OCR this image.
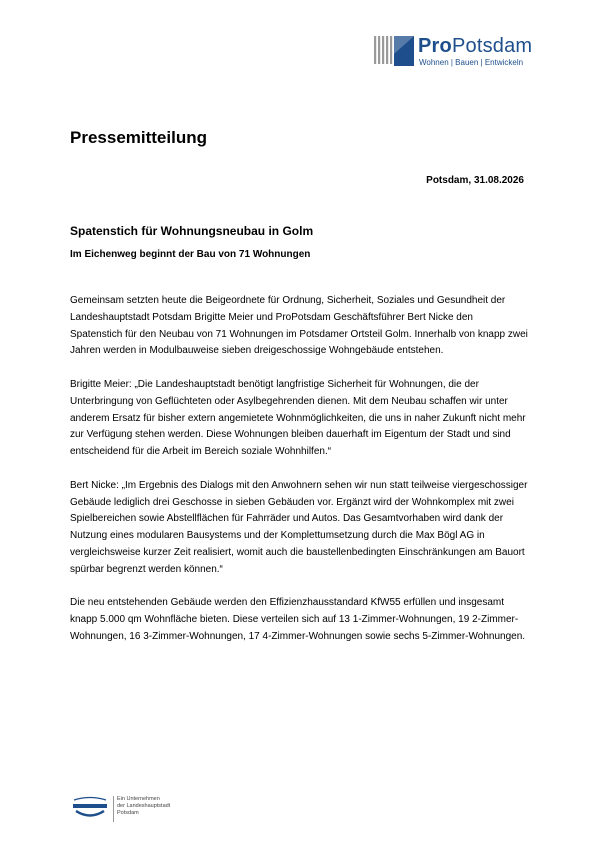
ProPotsdam
Wohnen | Bauen | Entwickeln
Pressemitteilung
Potsdam, 31.08.2026
Spatenstich für Wohnungsneubau in Golm
Im Eichenweg beginnt der Bau von 71 Wohnungen

Gemeinsam setzten heute die Beigeordnete für Ordnung, Sicherheit, Soziales und Gesundheit der Landeshauptstadt Potsdam Brigitte Meier und ProPotsdam Geschäftsführer Bert Nicke den Spatenstich für den Neubau von 71 Wohnungen im Potsdamer Ortsteil Golm. Innerhalb von knapp zwei Jahren werden in Modulbauweise sieben dreigeschossige Wohngebäude entstehen.

Brigitte Meier: „Die Landeshauptstadt benötigt langfristige Sicherheit für Wohnungen, die der Unterbringung von Geflüchteten oder Asylbegehrenden dienen. Mit dem Neubau schaffen wir unter anderem Ersatz für bisher extern angemietete Wohnmöglichkeiten, die uns in naher Zukunft nicht mehr zur Verfügung stehen werden. Diese Wohnungen bleiben dauerhaft im Eigentum der Stadt und sind entscheidend für die Arbeit im Bereich soziale Wohnhilfen.“

Bert Nicke: „Im Ergebnis des Dialogs mit den Anwohnern sehen wir nun statt teilweise viergeschossiger Gebäude lediglich drei Geschosse in sieben Gebäuden vor. Ergänzt wird der Wohnkomplex mit zwei Spielbereichen sowie Abstellflächen für Fahrräder und Autos. Das Gesamtvorhaben wird dank der Nutzung eines modularen Bausystems und der Komplettumsetzung durch die Max Bögl AG in vergleichsweise kurzer Zeit realisiert, womit auch die baustellenbedingten Einschränkungen am Bauort spürbar begrenzt werden können.“

Die neu entstehenden Gebäude werden den Effizienzhausstandard KfW55 erfüllen und insgesamt knapp 5.000 qm Wohnfläche bieten. Diese verteilen sich auf 13 1-Zimmer-Wohnungen, 19 2-Zimmer-Wohnungen, 16 3-Zimmer-Wohnungen, 17 4-Zimmer-Wohnungen sowie sechs 5-Zimmer-Wohnungen.

Ein Unternehmen
der Landeshauptstadt
Potsdam
